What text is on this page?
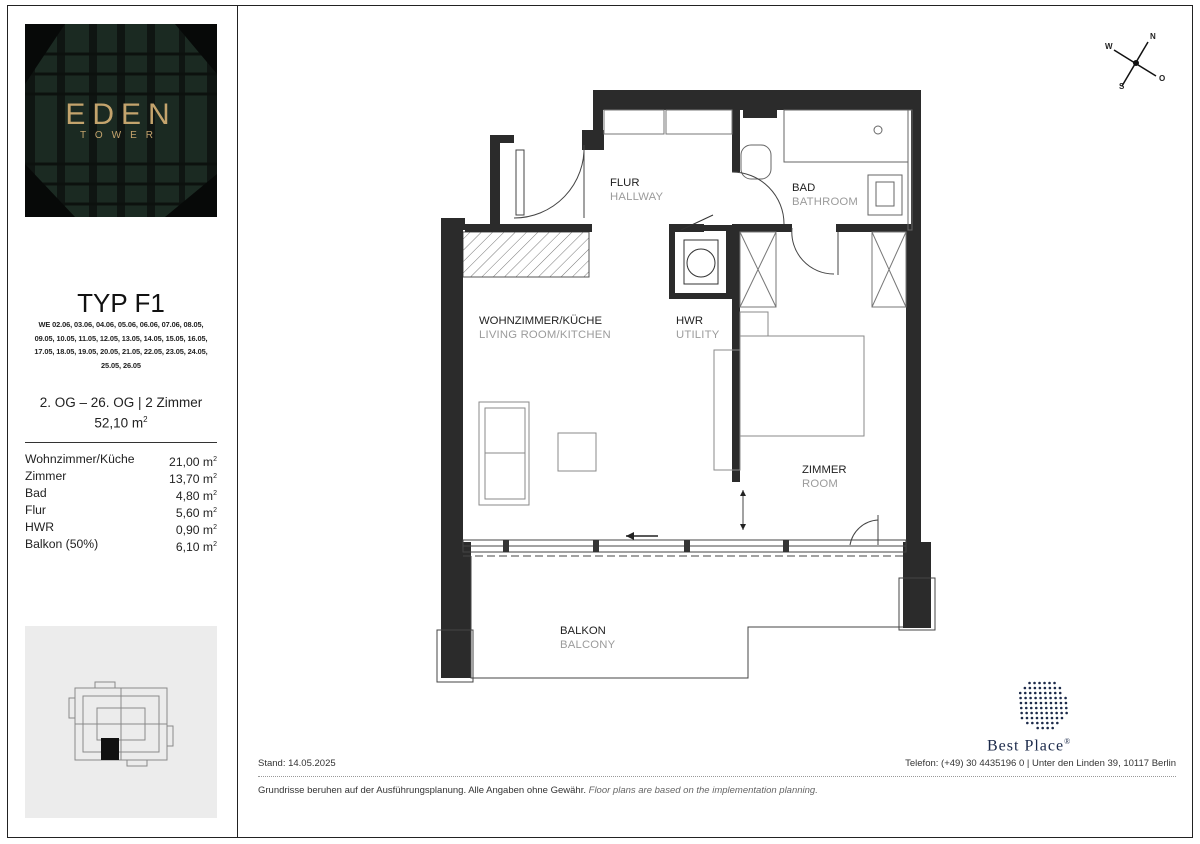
EDEN
TOWER
TYP F1
WE 02.06, 03.06, 04.06, 05.06, 06.06, 07.06, 08.05, 09.05, 10.05, 11.05, 12.05, 13.05, 14.05, 15.05, 16.05, 17.05, 18.05, 19.05, 20.05, 21.05, 22.05, 23.05, 24.05, 25.05, 26.05
2. OG – 26. OG | 2 Zimmer
52,10 $m^2$
Wohnzimmer/Küche	21,00 $m^2$
Zimmer	13,70 $m^2$
Bad	4,80 $m^2$
Flur	5,60 $m^2$
HWR	0,90 $m^2$
Balkon (50%)	6,10 $m^2$
N
O
S
W
FLUR
HALLWAY
BAD
BATHROOM
WOHNZIMMER/KÜCHE
LIVING ROOM/KITCHEN
HWR
UTILITY
ZIMMER
ROOM
BALKON
BALCONY
Best Place®
Stand: 14.05.2025	Telefon: (+49) 30 4435196 0 | Unter den Linden 39, 10117 Berlin
Grundrisse beruhen auf der Ausführungsplanung. Alle Angaben ohne Gewähr. Floor plans are based on the implementation planning.
